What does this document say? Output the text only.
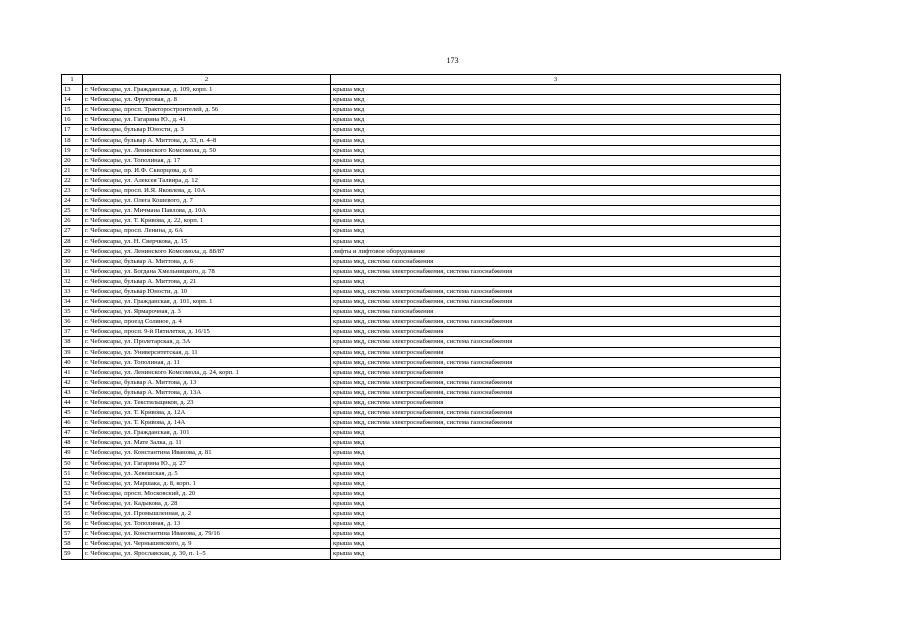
173
1	2	3
13	г. Чебоксары, ул. Гражданская, д. 109, корп. 1	крыша мкд
14	г. Чебоксары, ул. Фруктовая, д. 8	крыша мкд
15	г. Чебоксары, просп. Тракторостроителей, д. 56	крыша мкд
16	г. Чебоксары, ул. Гагарина Ю., д. 41	крыша мкд
17	г. Чебоксары, бульвар Юности, д. 3	крыша мкд
18	г. Чебоксары, бульвар А. Миттова, д. 33, п. 4–8	крыша мкд
19	г. Чебоксары, ул. Ленинского Комсомола, д. 50	крыша мкд
20	г. Чебоксары, ул. Тополиная, д. 17	крыша мкд
21	г. Чебоксары, пр. И.Ф. Скворцова, д. 6	крыша мкд
22	г. Чебоксары, ул. Алексея Талвира, д. 12	крыша мкд
23	г. Чебоксары, просп. И.Я. Яковлева, д. 10А	крыша мкд
24	г. Чебоксары, ул. Олега Кошевого, д. 7	крыша мкд
25	г. Чебоксары, ул. Мичмана Павлова, д. 10А	крыша мкд
26	г. Чебоксары, ул. Т. Кривова, д. 22, корп. 1	крыша мкд
27	г. Чебоксары, просп. Ленина, д. 6А	крыша мкд
28	г. Чебоксары, ул. Н. Сверчкова, д. 15	крыша мкд
29	г. Чебоксары, ул. Ленинского Комсомола, д. 88/87	лифты и лифтовое оборудование
30	г. Чебоксары, бульвар А. Миттова, д. 6	крыша мкд, система газоснабжения
31	г. Чебоксары, ул. Богдана Хмельницкого, д. 78	крыша мкд, система электроснабжения, система газоснабжения
32	г. Чебоксары, бульвар А. Миттова, д. 21	крыша мкд
33	г. Чебоксары, бульвар Юности, д. 10	крыша мкд, система электроснабжения, система газоснабжения
34	г. Чебоксары, ул. Гражданская, д. 101, корп. 1	крыша мкд, система электроснабжения, система газоснабжения
35	г. Чебоксары, ул. Ярмарочная, д. 3	крыша мкд, система газоснабжения
36	г. Чебоксары, проезд Соляное, д. 4	крыша мкд, система электроснабжения, система газоснабжения
37	г. Чебоксары, просп. 9-й Пятилетки, д. 16/15	крыша мкд, система электроснабжения
38	г. Чебоксары, ул. Пролетарская, д. 3А	крыша мкд, система электроснабжения, система газоснабжения
39	г. Чебоксары, ул. Университетская, д. 11	крыша мкд, система электроснабжения
40	г. Чебоксары, ул. Тополиная, д. 11	крыша мкд, система электроснабжения, система газоснабжения
41	г. Чебоксары, ул. Ленинского Комсомола, д. 24, корп. 1	крыша мкд, система электроснабжения
42	г. Чебоксары, бульвар А. Миттова, д. 13	крыша мкд, система электроснабжения, система газоснабжения
43	г. Чебоксары, бульвар А. Миттова, д. 13А	крыша мкд, система электроснабжения, система газоснабжения
44	г. Чебоксары, ул. Текстильщиков, д. 23	крыша мкд, система электроснабжения
45	г. Чебоксары, ул. Т. Кривова, д. 12А	крыша мкд, система электроснабжения, система газоснабжения
46	г. Чебоксары, ул. Т. Кривова, д. 14А	крыша мкд, система электроснабжения, система газоснабжения
47	г. Чебоксары, ул. Гражданская, д. 101	крыша мкд
48	г. Чебоксары, ул. Мате Залка, д. 11	крыша мкд
49	г. Чебоксары, ул. Константина Иванова, д. 81	крыша мкд
50	г. Чебоксары, ул. Гагарина Ю., д. 27	крыша мкд
51	г. Чебоксары, ул. Хевешская, д. 5	крыша мкд
52	г. Чебоксары, ул. Маршака, д. 8, корп. 1	крыша мкд
53	г. Чебоксары, просп. Московский, д. 20	крыша мкд
54	г. Чебоксары, ул. Кадыкова, д. 28	крыша мкд
55	г. Чебоксары, ул. Промышленная, д. 2	крыша мкд
56	г. Чебоксары, ул. Тополиная, д. 13	крыша мкд
57	г. Чебоксары, ул. Константина Иванова, д. 79/16	крыша мкд
58	г. Чебоксары, ул. Чернышевского, д. 9	крыша мкд
59	г. Чебоксары, ул. Ярославская, д. 30, п. 1–5	крыша мкд
